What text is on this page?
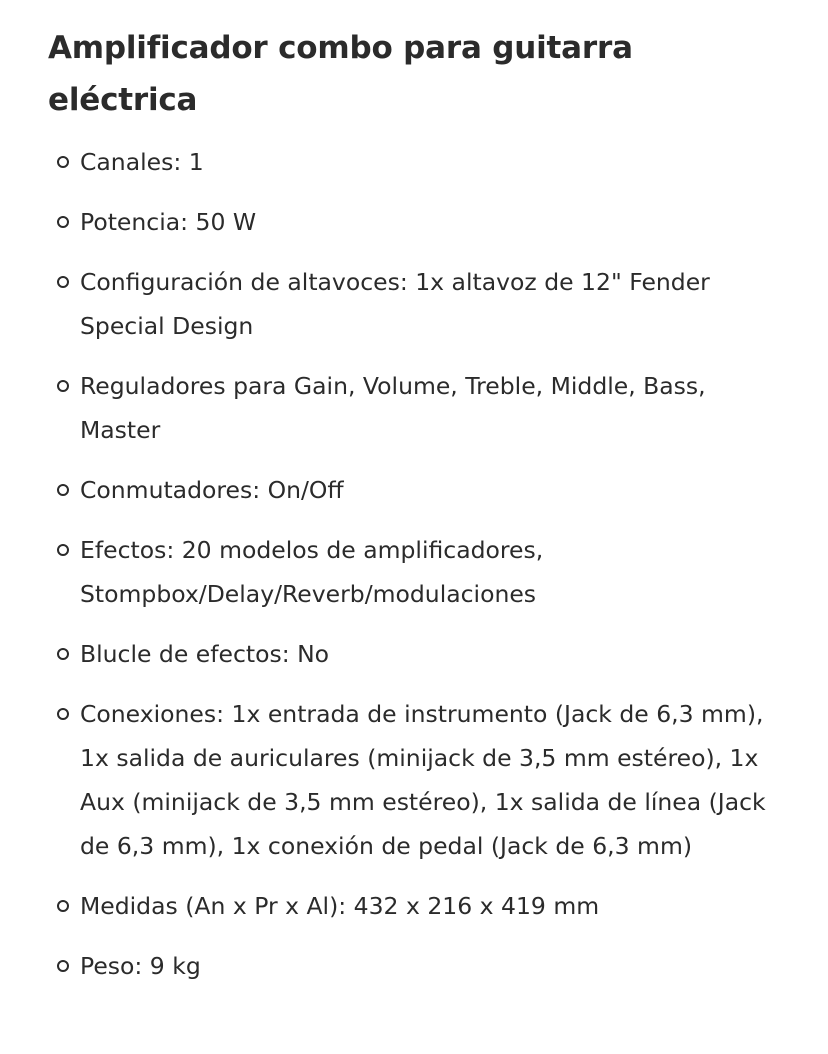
Amplificador combo para guitarra eléctrica
Canales: 1
Potencia: 50 W
Configuración de altavoces: 1x altavoz de 12" Fender Special Design
Reguladores para Gain, Volume, Treble, Middle, Bass, Master
Conmutadores: On/Off
Efectos: 20 modelos de amplificadores, Stompbox/Delay/Reverb/modulaciones
Blucle de efectos: No
Conexiones: 1x entrada de instrumento (Jack de 6,3 mm), 1x salida de auriculares (minijack de 3,5 mm estéreo), 1x Aux (minijack de 3,5 mm estéreo), 1x salida de línea (Jack de 6,3 mm), 1x conexión de pedal (Jack de 6,3 mm)
Medidas (An x Pr x Al): 432 x 216 x 419 mm
Peso: 9 kg
